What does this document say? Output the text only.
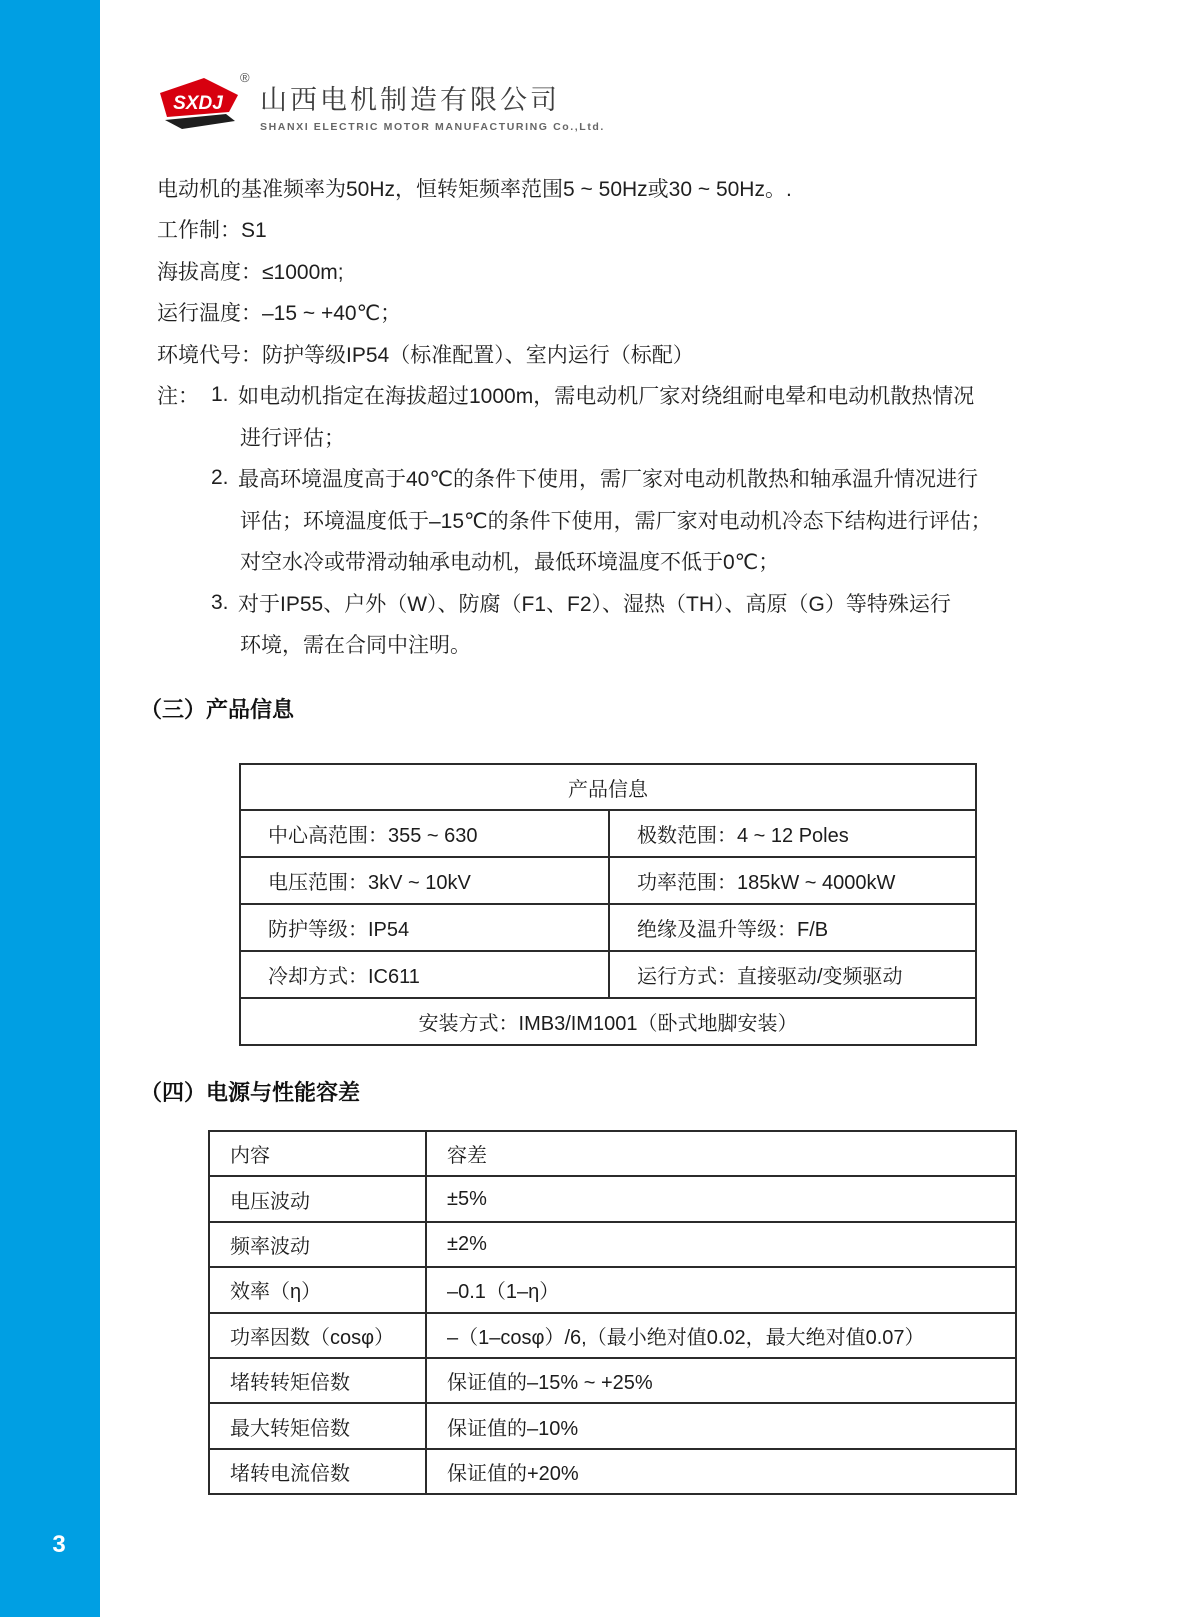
3
SXDJ
®
山西电机制造有限公司
SHANXI ELECTRIC MOTOR MANUFACTURING Co.,Ltd.
电动机的基准频率为50Hz，恒转矩频率范围5 ~ 50Hz或30 ~ 50Hz。.
工作制：S1
海拔高度：≤1000m;
运行温度：–15 ~ +40℃；
环境代号：防护等级IP54（标准配置）、室内运行（标配）
注： 1. 如电动机指定在海拔超过1000m，需电动机厂家对绕组耐电晕和电动机散热情况
进行评估；
2. 最高环境温度高于40℃的条件下使用，需厂家对电动机散热和轴承温升情况进行
评估；环境温度低于–15℃的条件下使用，需厂家对电动机冷态下结构进行评估；
对空水冷或带滑动轴承电动机，最低环境温度不低于0℃；
3. 对于IP55、户外（W）、防腐（F1、F2）、湿热（TH）、高原（G）等特殊运行
环境，需在合同中注明。
（三）产品信息
产品信息	
中心高范围：355 ~ 630	极数范围：4 ~ 12 Poles
电压范围：3kV ~ 10kV	功率范围：185kW ~ 4000kW
防护等级：IP54	绝缘及温升等级：F/B
冷却方式：IC611	运行方式：直接驱动/变频驱动
安装方式：IMB3/IM1001（卧式地脚安装）	
（四）电源与性能容差
内容	容差
电压波动	±5%
频率波动	±2%
效率（η）	–0.1（1–η）
功率因数（cosφ）	–（1–cosφ）/6,（最小绝对值0.02，最大绝对值0.07）
堵转转矩倍数	保证值的–15% ~ +25%
最大转矩倍数	保证值的–10%
堵转电流倍数	保证值的+20%
